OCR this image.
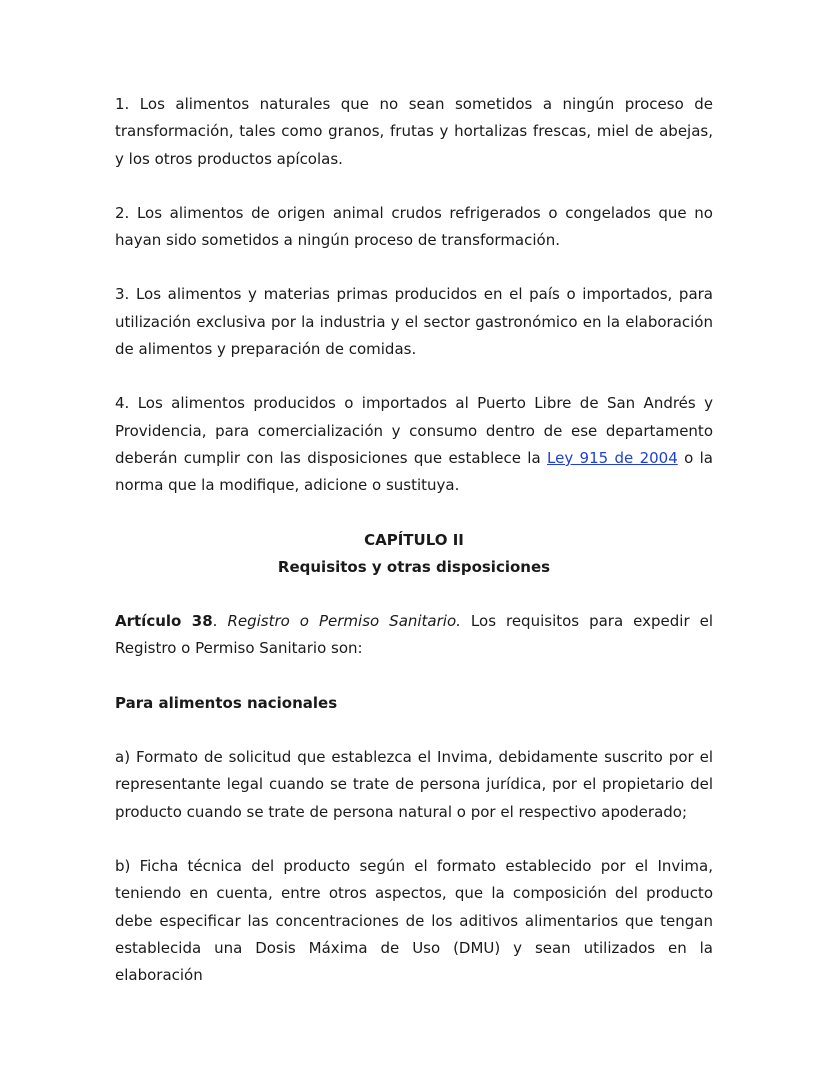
1. Los alimentos naturales que no sean sometidos a ningún proceso de transformación, tales como granos, frutas y hortalizas frescas, miel de abejas, y los otros productos apícolas.

2. Los alimentos de origen animal crudos refrigerados o congelados que no hayan sido sometidos a ningún proceso de transformación.

3. Los alimentos y materias primas producidos en el país o importados, para utilización exclusiva por la industria y el sector gastronómico en la elaboración de alimentos y preparación de comidas.

4. Los alimentos producidos o importados al Puerto Libre de San Andrés y Providencia, para comercialización y consumo dentro de ese departamento deberán cumplir con las disposiciones que establece la Ley 915 de 2004 o la norma que la modifique, adicione o sustituya.

CAPÍTULO II

Requisitos y otras disposiciones

Artículo 38. Registro o Permiso Sanitario. Los requisitos para expedir el Registro o Permiso Sanitario son:

Para alimentos nacionales

a) Formato de solicitud que establezca el Invima, debidamente suscrito por el representante legal cuando se trate de persona jurídica, por el propietario del producto cuando se trate de persona natural o por el respectivo apoderado;

b) Ficha técnica del producto según el formato establecido por el Invima, teniendo en cuenta, entre otros aspectos, que la composición del producto debe especificar las concentraciones de los aditivos alimentarios que tengan establecida una Dosis Máxima de Uso (DMU) y sean utilizados en la elaboración
